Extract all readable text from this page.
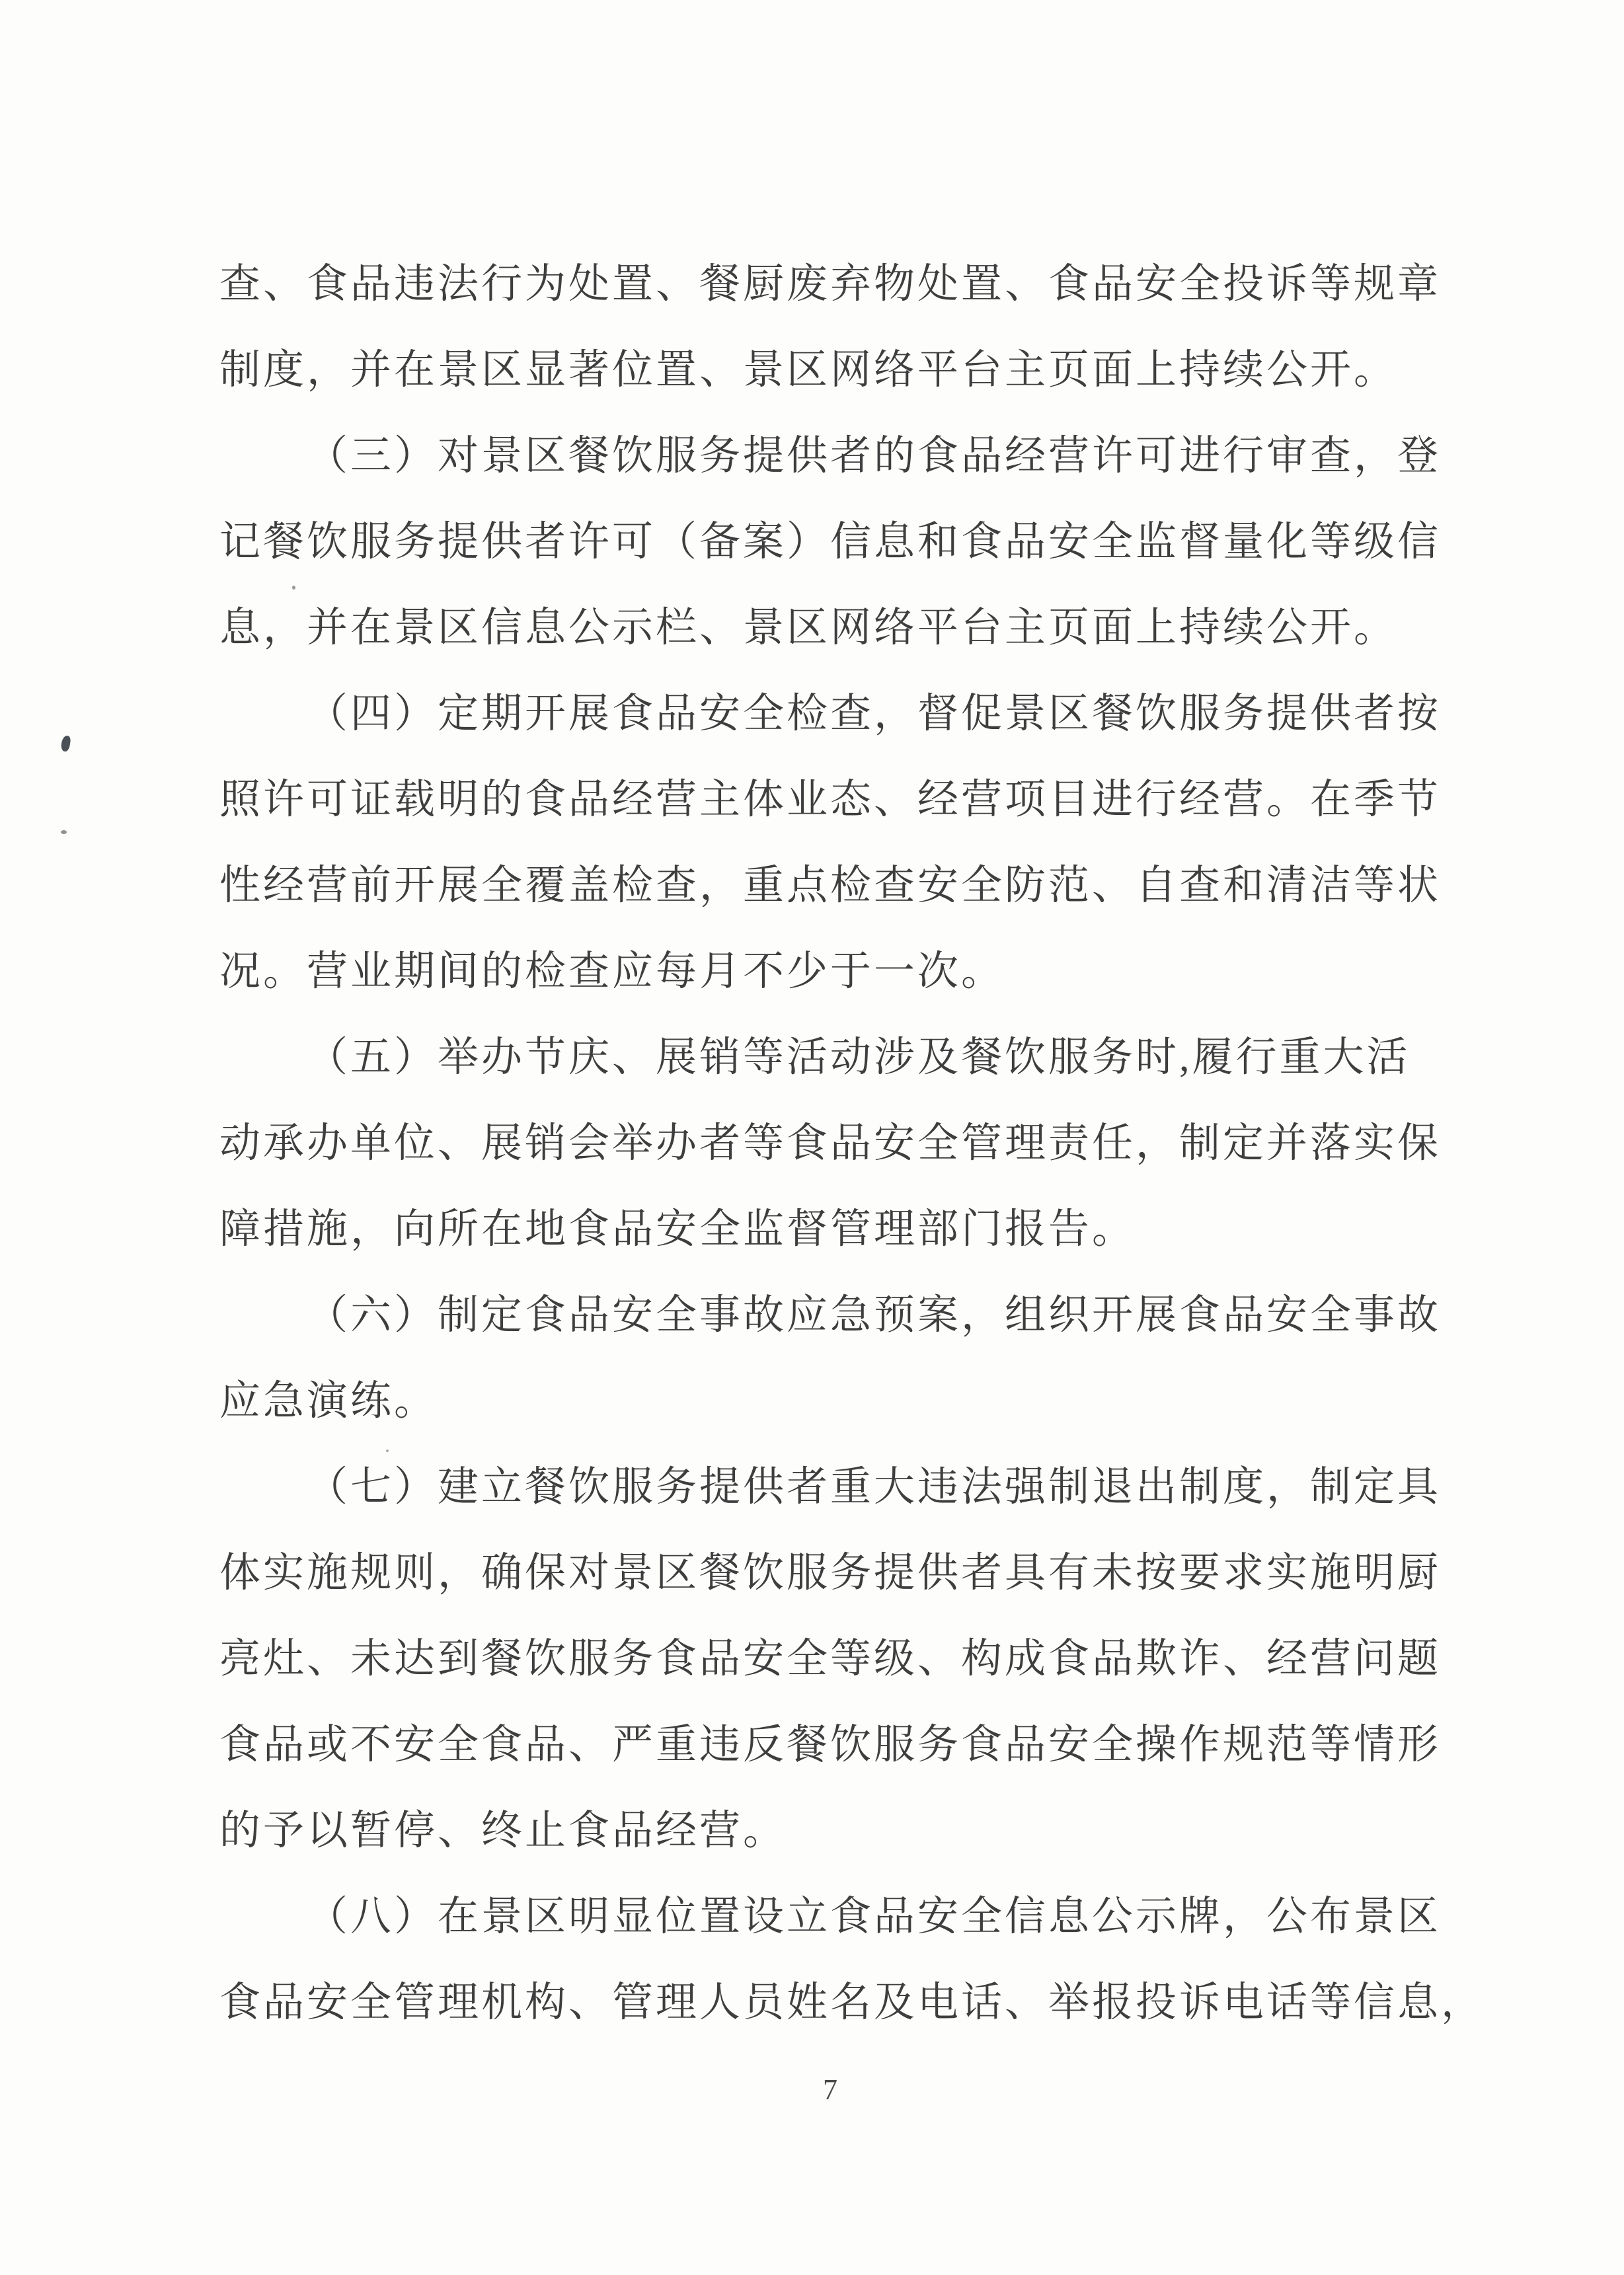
查、食品违法行为处置、餐厨废弃物处置、食品安全投诉等规章
制度，并在景区显著位置、景区网络平台主页面上持续公开。
（三）对景区餐饮服务提供者的食品经营许可进行审查，登
记餐饮服务提供者许可（备案）信息和食品安全监督量化等级信
息，并在景区信息公示栏、景区网络平台主页面上持续公开。
（四）定期开展食品安全检查，督促景区餐饮服务提供者按
照许可证载明的食品经营主体业态、经营项目进行经营。在季节
性经营前开展全覆盖检查，重点检查安全防范、自查和清洁等状
况。营业期间的检查应每月不少于一次。
（五）举办节庆、展销等活动涉及餐饮服务时,履行重大活
动承办单位、展销会举办者等食品安全管理责任，制定并落实保
障措施，向所在地食品安全监督管理部门报告。
（六）制定食品安全事故应急预案，组织开展食品安全事故
应急演练。
（七）建立餐饮服务提供者重大违法强制退出制度，制定具
体实施规则，确保对景区餐饮服务提供者具有未按要求实施明厨
亮灶、未达到餐饮服务食品安全等级、构成食品欺诈、经营问题
食品或不安全食品、严重违反餐饮服务食品安全操作规范等情形
的予以暂停、终止食品经营。
（八）在景区明显位置设立食品安全信息公示牌，公布景区
食品安全管理机构、管理人员姓名及电话、举报投诉电话等信息，
7
